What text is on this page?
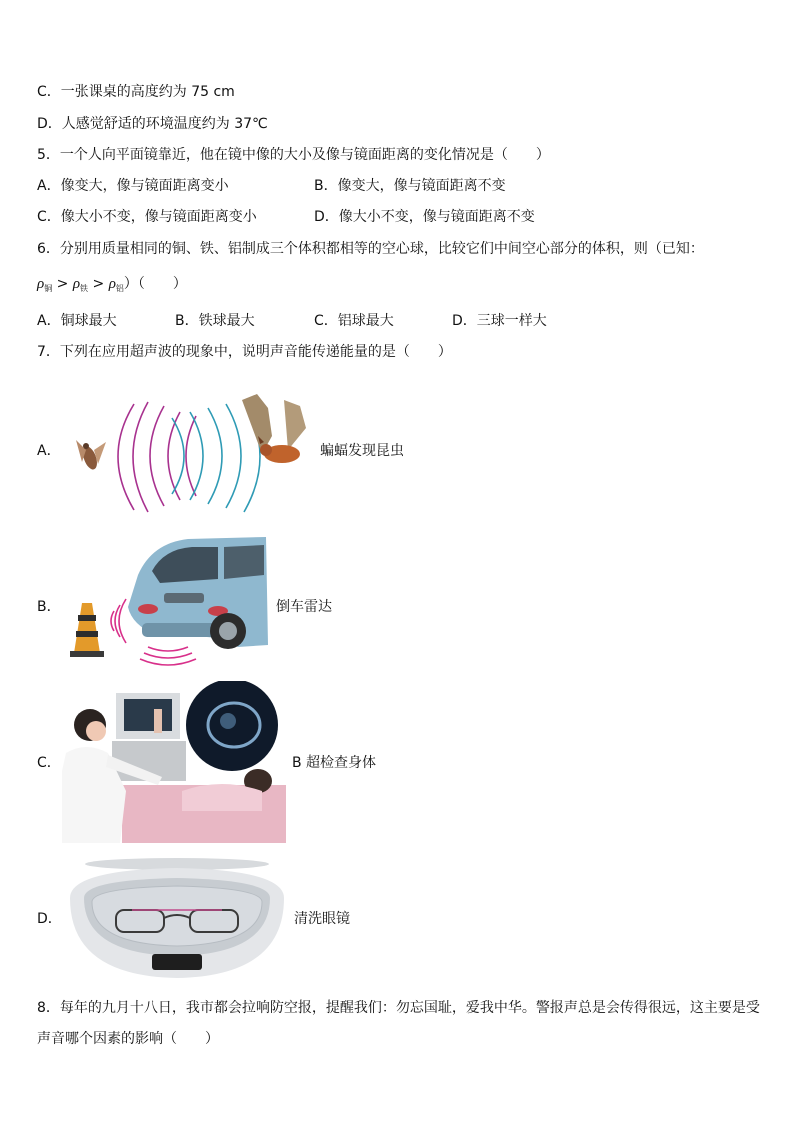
C．一张课桌的高度约为 75 cm
D．人感觉舒适的环境温度约为 37℃
5．一个人向平面镜靠近，他在镜中像的大小及像与镜面距离的变化情况是（　　）
A．像变大，像与镜面距离变小	B．像变大，像与镜面距离不变
C．像大小不变，像与镜面距离变小	D．像大小不变，像与镜面距离不变
6．分别用质量相同的铜、铁、铝制成三个体积都相等的空心球，比较它们中间空心部分的体积，则（已知：
$\rho_铜 > \rho_铁 > \rho_铝$）（　　）
A．铜球最大	B．铁球最大	C．铝球最大	D．三球一样大
7．下列在应用超声波的现象中，说明声音能传递能量的是（　　）
A．	蝙蝠发现昆虫
B．	倒车雷达
C．	B 超检查身体
D．	清洗眼镜
8．每年的九月十八日，我市都会拉响防空报，提醒我们：勿忘国耻，爱我中华。警报声总是会传得很远，这主要是受
声音哪个因素的影响（　　）
